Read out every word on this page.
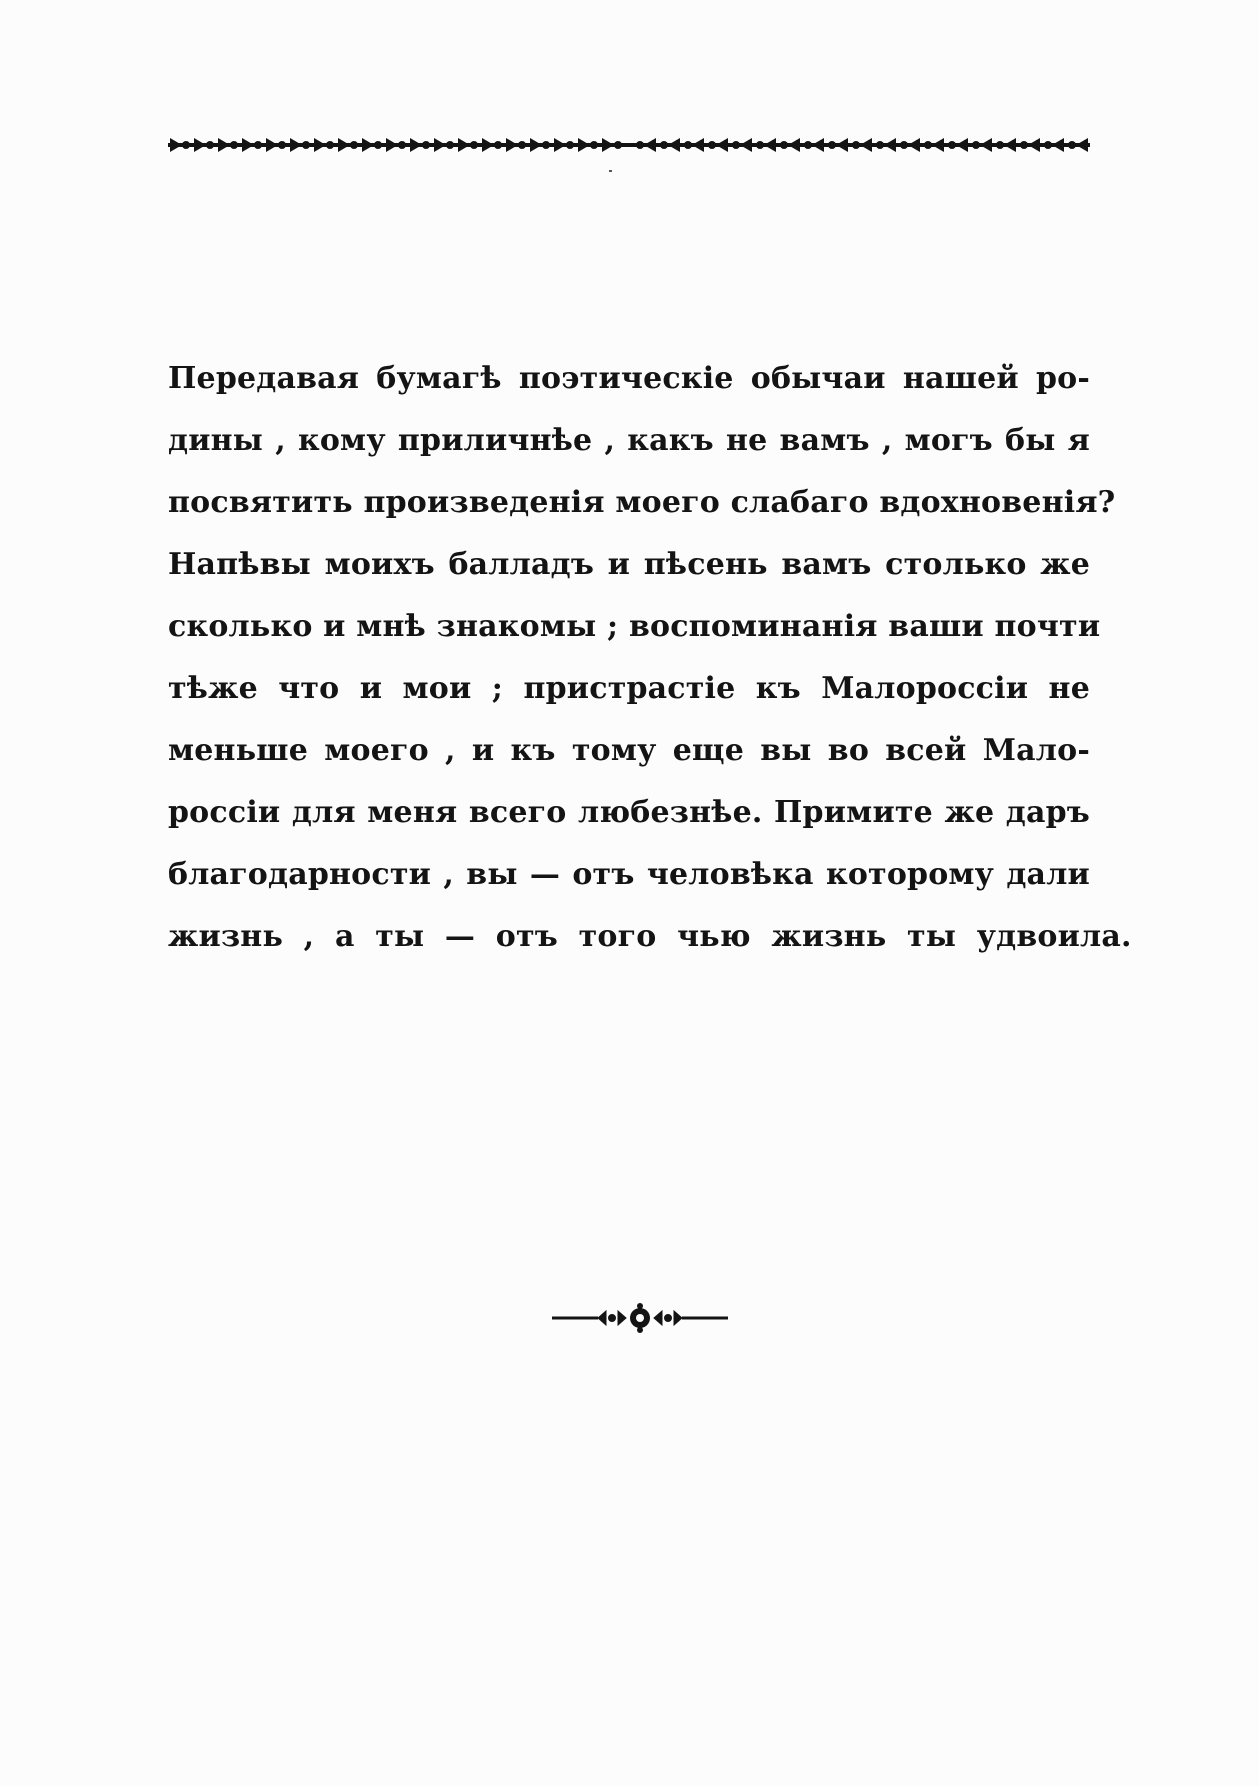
Передавая бумагѣ поэтическіе обычаи нашей ро-
дины , кому приличнѣе , какъ не вамъ , могъ бы я
посвятить произведенія моего слабаго вдохновенія?
Напѣвы моихъ балладъ и пѣсень вамъ столько же
сколько и мнѣ знакомы ; воспоминанія ваши почти
тѣже что и мои ; пристрастіе къ Малороссіи не
меньше моего , и къ тому еще вы во всей Мало-
россіи для меня всего любезнѣе. Примите же даръ
благодарности , вы — отъ человѣка которому дали
жизнь , а ты — отъ того чью жизнь ты удвоила.
